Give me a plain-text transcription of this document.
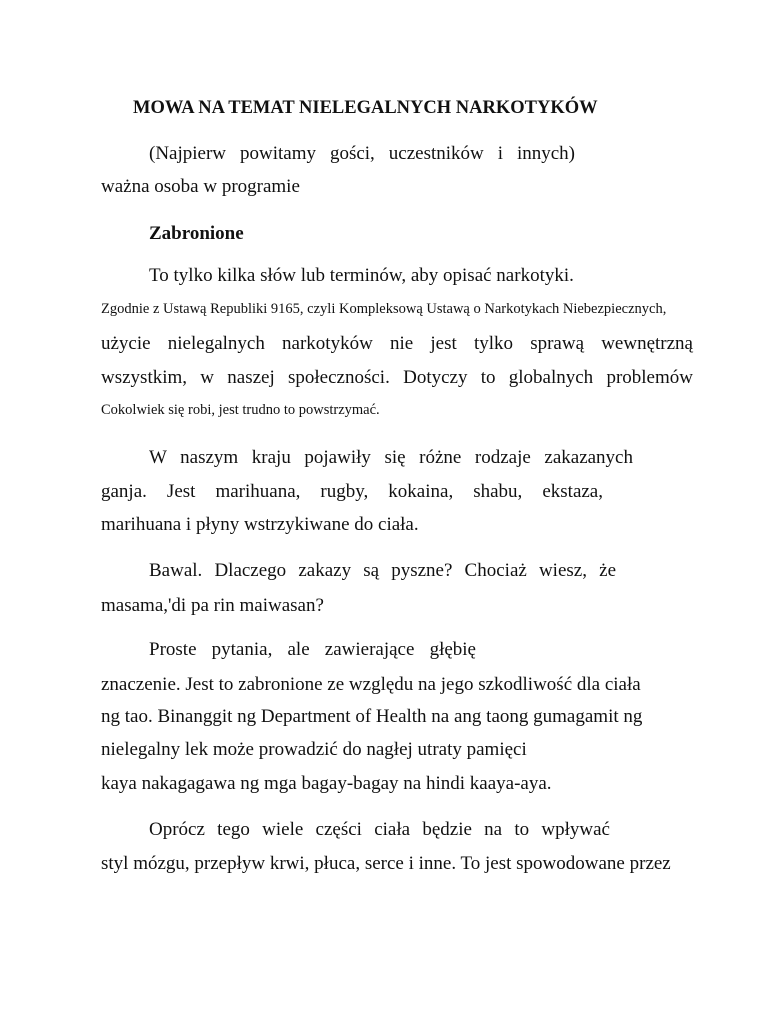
MOWA NA TEMAT NIELEGALNYCH NARKOTYKÓW
(Najpierw powitamy gości, uczestników i innych)
ważna osoba w programie
Zabronione
To tylko kilka słów lub terminów, aby opisać narkotyki.
Zgodnie z Ustawą Republiki 9165, czyli Kompleksową Ustawą o Narkotykach Niebezpiecznych,
użycie nielegalnych narkotyków nie jest tylko sprawą wewnętrzną
wszystkim, w naszej społeczności. Dotyczy to globalnych problemów
Cokolwiek się robi, jest trudno to powstrzymać.
W naszym kraju pojawiły się różne rodzaje zakazanych
ganja. Jest marihuana, rugby, kokaina, shabu, ekstaza,
marihuana i płyny wstrzykiwane do ciała.
Bawal. Dlaczego zakazy są pyszne? Chociaż wiesz, że
masama,'di pa rin maiwasan?
Proste pytania, ale zawierające głębię
znaczenie. Jest to zabronione ze względu na jego szkodliwość dla ciała
ng tao. Binanggit ng Department of Health na ang taong gumagamit ng
nielegalny lek może prowadzić do nagłej utraty pamięci
kaya nakagagawa ng mga bagay-bagay na hindi kaaya-aya.
Oprócz tego wiele części ciała będzie na to wpływać
styl mózgu, przepływ krwi, płuca, serce i inne. To jest spowodowane przez
